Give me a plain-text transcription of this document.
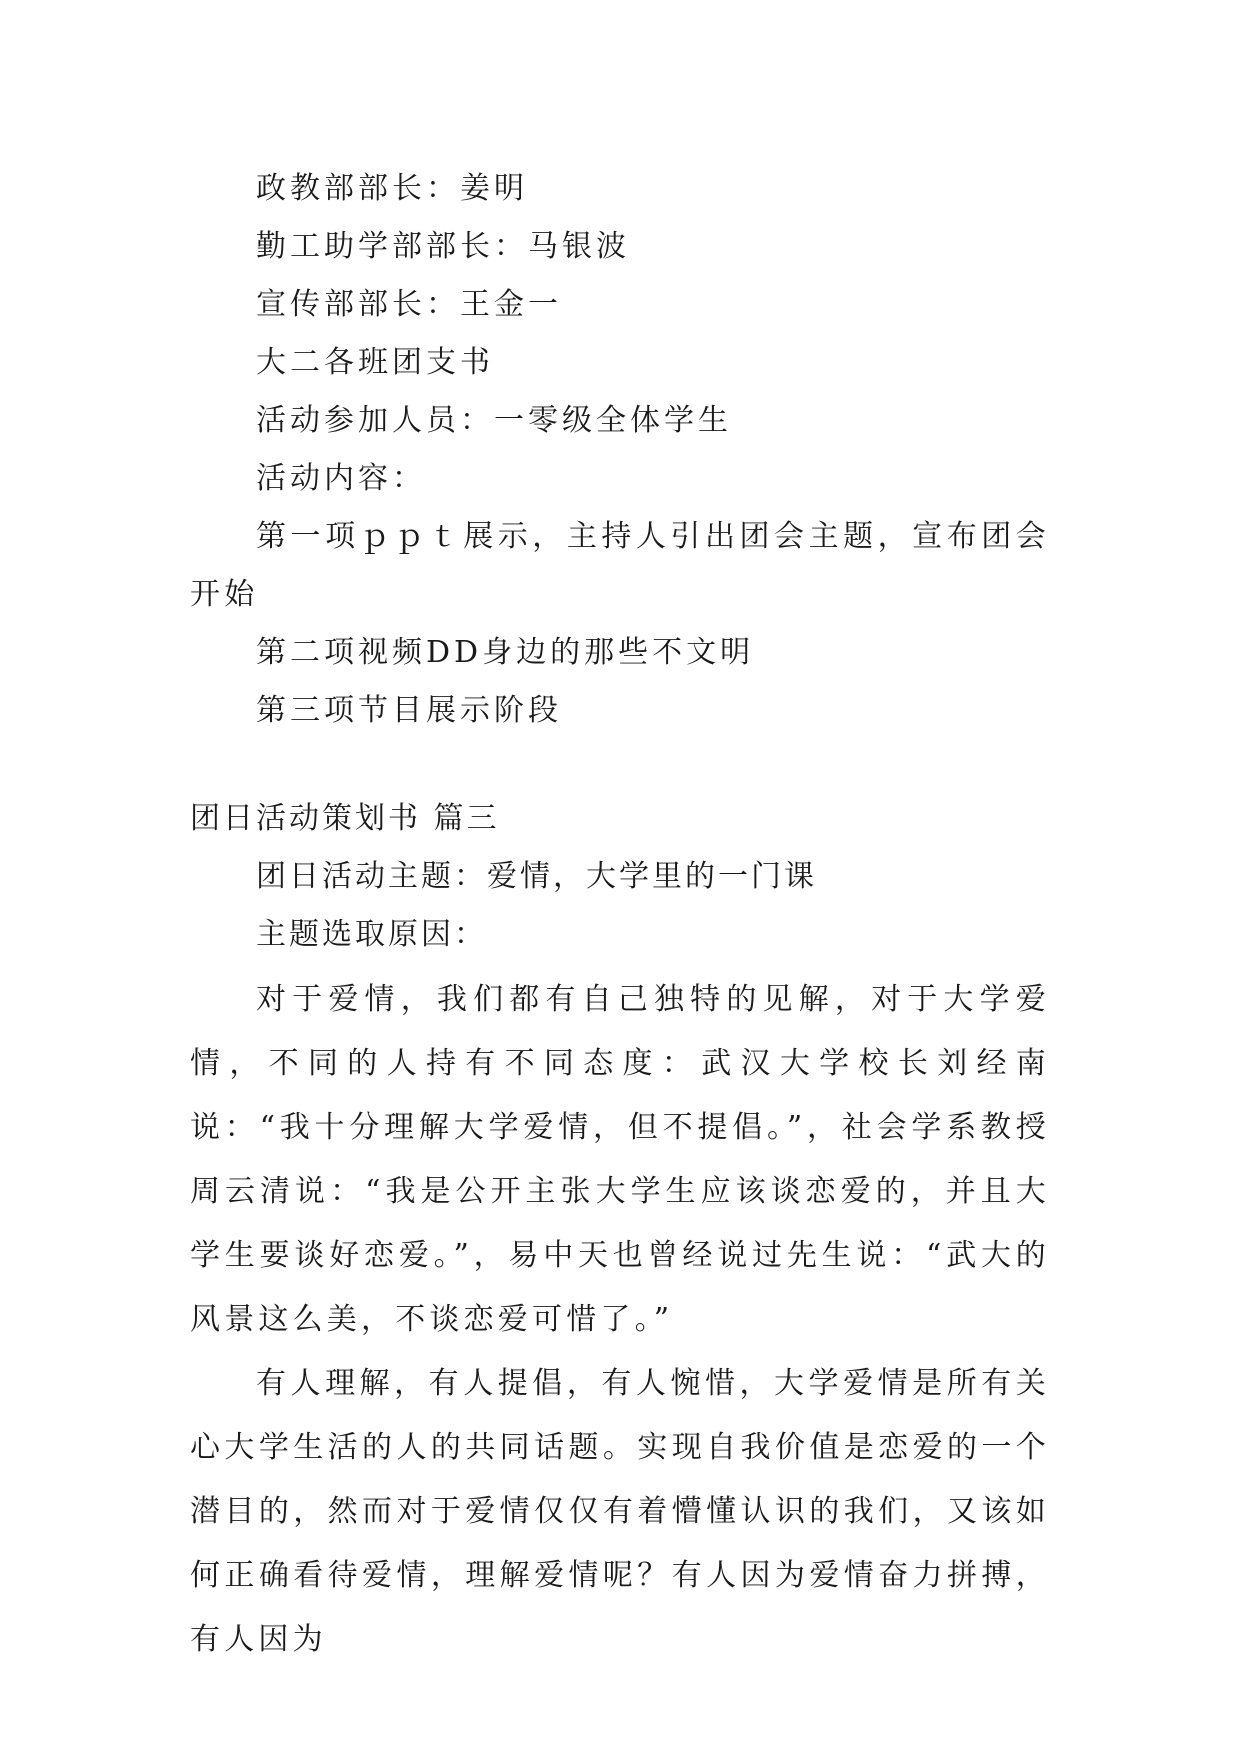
政教部部长：姜明

勤工助学部部长：马银波

宣传部部长：王金一

大二各班团支书

活动参加人员：一零级全体学生

活动内容：

第一项ｐｐｔ展示，主持人引出团会主题，宣布团会开始

第二项视频DD身边的那些不文明

第三项节目展示阶段

团日活动策划书 篇三

团日活动主题：爱情，大学里的一门课

主题选取原因：

对于爱情，我们都有自己独特的见解，对于大学爱情，不同的人持有不同态度：武汉大学校长刘经南说：“我十分理解大学爱情，但不提倡。”，社会学系教授周云清说：“我是公开主张大学生应该谈恋爱的，并且大学生要谈好恋爱。”，易中天也曾经说过先生说：“武大的风景这么美，不谈恋爱可惜了。”

有人理解，有人提倡，有人惋惜，大学爱情是所有关心大学生活的人的共同话题。实现自我价值是恋爱的一个潜目的，然而对于爱情仅仅有着懵懂认识的我们，又该如何正确看待爱情，理解爱情呢？有人因为爱情奋力拼搏，有人因为
